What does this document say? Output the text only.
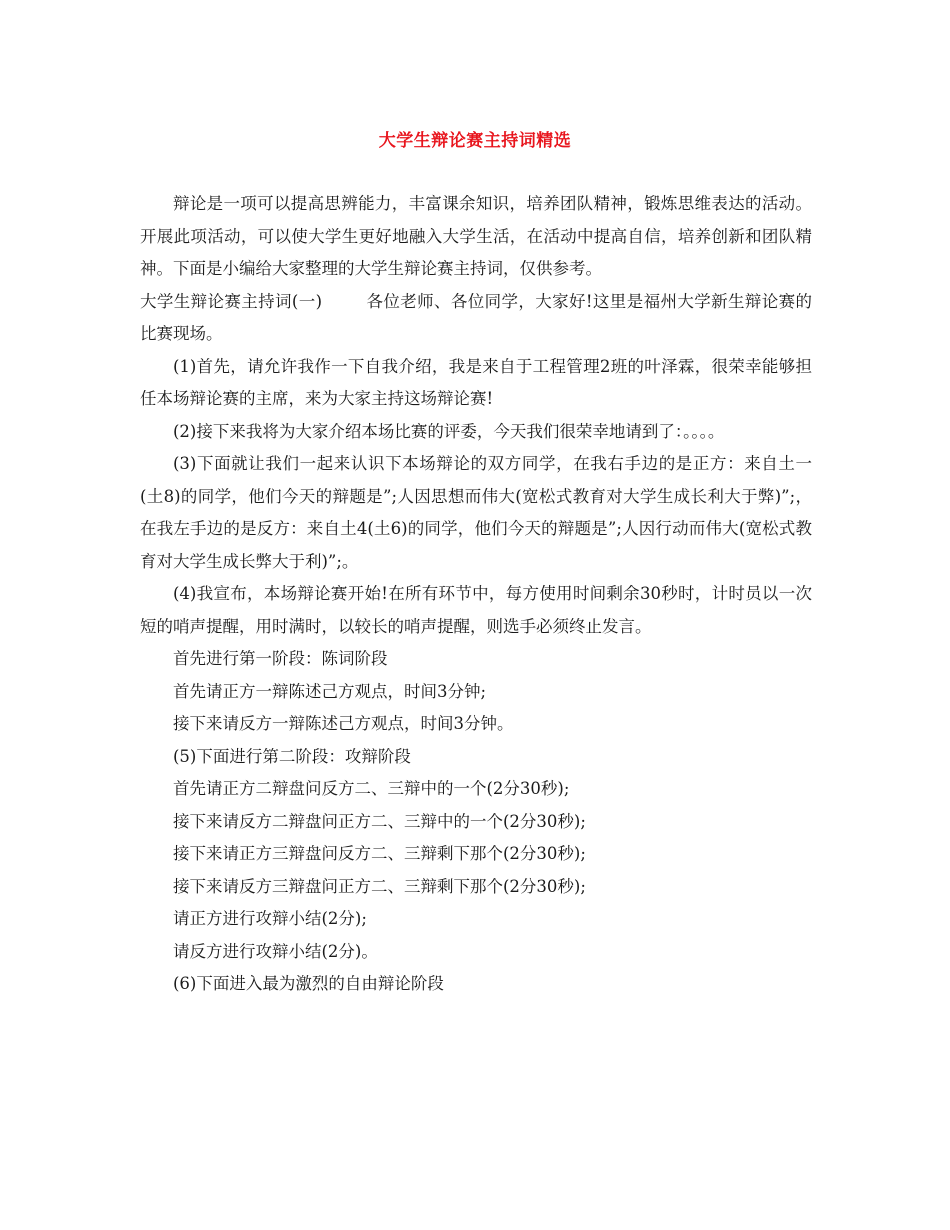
大学生辩论赛主持词精选

辩论是一项可以提高思辨能力，丰富课余知识，培养团队精神，锻炼思维表达的活动。开展此项活动，可以使大学生更好地融入大学生活，在活动中提高自信，培养创新和团队精神。下面是小编给大家整理的大学生辩论赛主持词，仅供参考。

大学生辩论赛主持词(一)	各位老师、各位同学，大家好!这里是福州大学新生辩论赛的比赛现场。

(1)首先，请允许我作一下自我介绍，我是来自于工程管理2班的叶泽霖，很荣幸能够担任本场辩论赛的主席，来为大家主持这场辩论赛!

(2)接下来我将为大家介绍本场比赛的评委，今天我们很荣幸地请到了：。。。。

(3)下面就让我们一起来认识下本场辩论的双方同学，在我右手边的是正方：来自土一(土8)的同学，他们今天的辩题是”;人因思想而伟大(宽松式教育对大学生成长利大于弊)”;，在我左手边的是反方：来自土4(土6)的同学，他们今天的辩题是”;人因行动而伟大(宽松式教育对大学生成长弊大于利)”;。

(4)我宣布，本场辩论赛开始!在所有环节中，每方使用时间剩余30秒时，计时员以一次短的哨声提醒，用时满时，以较长的哨声提醒，则选手必须终止发言。

首先进行第一阶段：陈词阶段

首先请正方一辩陈述己方观点，时间3分钟;

接下来请反方一辩陈述己方观点，时间3分钟。

(5)下面进行第二阶段：攻辩阶段

首先请正方二辩盘问反方二、三辩中的一个(2分30秒);

接下来请反方二辩盘问正方二、三辩中的一个(2分30秒);

接下来请正方三辩盘问反方二、三辩剩下那个(2分30秒);

接下来请反方三辩盘问正方二、三辩剩下那个(2分30秒);

请正方进行攻辩小结(2分);

请反方进行攻辩小结(2分)。

(6)下面进入最为激烈的自由辩论阶段
